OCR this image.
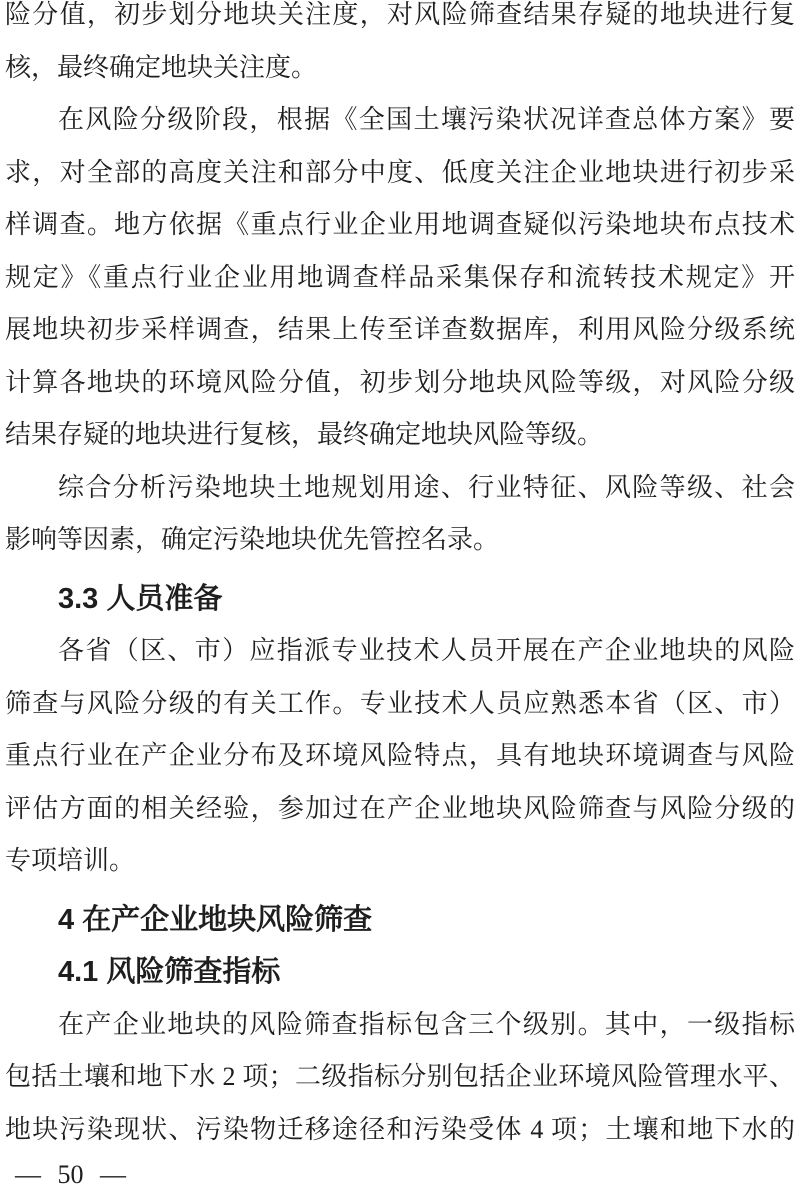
险分值，初步划分地块关注度，对风险筛查结果存疑的地块进行复
核，最终确定地块关注度。
在风险分级阶段，根据《全国土壤污染状况详查总体方案》要
求，对全部的高度关注和部分中度、低度关注企业地块进行初步采
样调查。地方依据《重点行业企业用地调查疑似污染地块布点技术
规定》《重点行业企业用地调查样品采集保存和流转技术规定》开
展地块初步采样调查，结果上传至详查数据库，利用风险分级系统
计算各地块的环境风险分值，初步划分地块风险等级，对风险分级
结果存疑的地块进行复核，最终确定地块风险等级。
综合分析污染地块土地规划用途、行业特征、风险等级、社会
影响等因素，确定污染地块优先管控名录。
3.3 人员准备
各省（区、市）应指派专业技术人员开展在产企业地块的风险
筛查与风险分级的有关工作。专业技术人员应熟悉本省（区、市）
重点行业在产企业分布及环境风险特点，具有地块环境调查与风险
评估方面的相关经验，参加过在产企业地块风险筛查与风险分级的
专项培训。
4 在产企业地块风险筛查
4.1 风险筛查指标
在产企业地块的风险筛查指标包含三个级别。其中，一级指标
包括土壤和地下水 2 项；二级指标分别包括企业环境风险管理水平、
地块污染现状、污染物迁移途径和污染受体 4 项；土壤和地下水的
— 50 —
